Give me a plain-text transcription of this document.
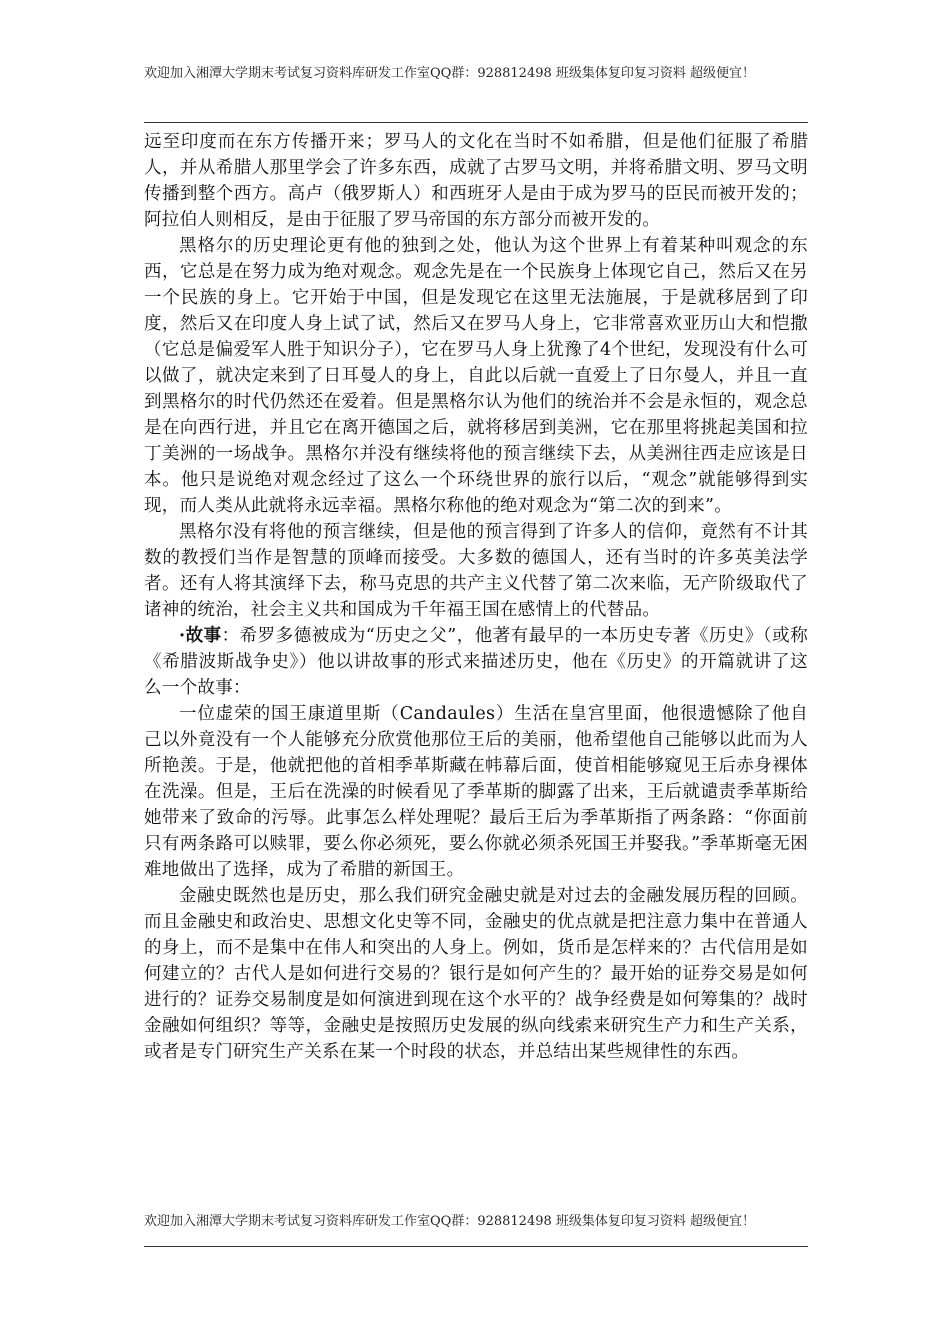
欢迎加入湘潭大学期末考试复习资料库研发工作室QQ群：928812498 班级集体复印复习资料 超级便宜！

远至印度而在东方传播开来；罗马人的文化在当时不如希腊，但是他们征服了希腊人，并从希腊人那里学会了许多东西，成就了古罗马文明，并将希腊文明、罗马文明传播到整个西方。高卢（俄罗斯人）和西班牙人是由于成为罗马的臣民而被开发的；阿拉伯人则相反，是由于征服了罗马帝国的东方部分而被开发的。

黑格尔的历史理论更有他的独到之处，他认为这个世界上有着某种叫观念的东西，它总是在努力成为绝对观念。观念先是在一个民族身上体现它自己，然后又在另一个民族的身上。它开始于中国，但是发现它在这里无法施展，于是就移居到了印度，然后又在印度人身上试了试，然后又在罗马人身上，它非常喜欢亚历山大和恺撒（它总是偏爱军人胜于知识分子），它在罗马人身上犹豫了4个世纪，发现没有什么可以做了，就决定来到了日耳曼人的身上，自此以后就一直爱上了日尔曼人，并且一直到黑格尔的时代仍然还在爱着。但是黑格尔认为他们的统治并不会是永恒的，观念总是在向西行进，并且它在离开德国之后，就将移居到美洲，它在那里将挑起美国和拉丁美洲的一场战争。黑格尔并没有继续将他的预言继续下去，从美洲往西走应该是日本。他只是说绝对观念经过了这么一个环绕世界的旅行以后，“观念”就能够得到实现，而人类从此就将永远幸福。黑格尔称他的绝对观念为“第二次的到来”。

黑格尔没有将他的预言继续，但是他的预言得到了许多人的信仰，竟然有不计其数的教授们当作是智慧的顶峰而接受。大多数的德国人，还有当时的许多英美法学者。还有人将其演绎下去，称马克思的共产主义代替了第二次来临，无产阶级取代了诸神的统治，社会主义共和国成为千年福王国在感情上的代替品。

·故事：希罗多德被成为“历史之父”，他著有最早的一本历史专著《历史》（或称《希腊波斯战争史》）他以讲故事的形式来描述历史，他在《历史》的开篇就讲了这么一个故事：

一位虚荣的国王康道里斯（Candaules）生活在皇宫里面，他很遗憾除了他自己以外竟没有一个人能够充分欣赏他那位王后的美丽，他希望他自己能够以此而为人所艳羡。于是，他就把他的首相季革斯藏在帏幕后面，使首相能够窥见王后赤身裸体在洗澡。但是，王后在洗澡的时候看见了季革斯的脚露了出来，王后就谴责季革斯给她带来了致命的污辱。此事怎么样处理呢？最后王后为季革斯指了两条路：“你面前只有两条路可以赎罪，要么你必须死，要么你就必须杀死国王并娶我。”季革斯毫无困难地做出了选择，成为了希腊的新国王。

金融史既然也是历史，那么我们研究金融史就是对过去的金融发展历程的回顾。而且金融史和政治史、思想文化史等不同，金融史的优点就是把注意力集中在普通人的身上，而不是集中在伟人和突出的人身上。例如，货币是怎样来的？古代信用是如何建立的？古代人是如何进行交易的？银行是如何产生的？最开始的证券交易是如何进行的？证券交易制度是如何演进到现在这个水平的？战争经费是如何筹集的？战时金融如何组织？等等，金融史是按照历史发展的纵向线索来研究生产力和生产关系，或者是专门研究生产关系在某一个时段的状态，并总结出某些规律性的东西。

欢迎加入湘潭大学期末考试复习资料库研发工作室QQ群：928812498 班级集体复印复习资料 超级便宜！
